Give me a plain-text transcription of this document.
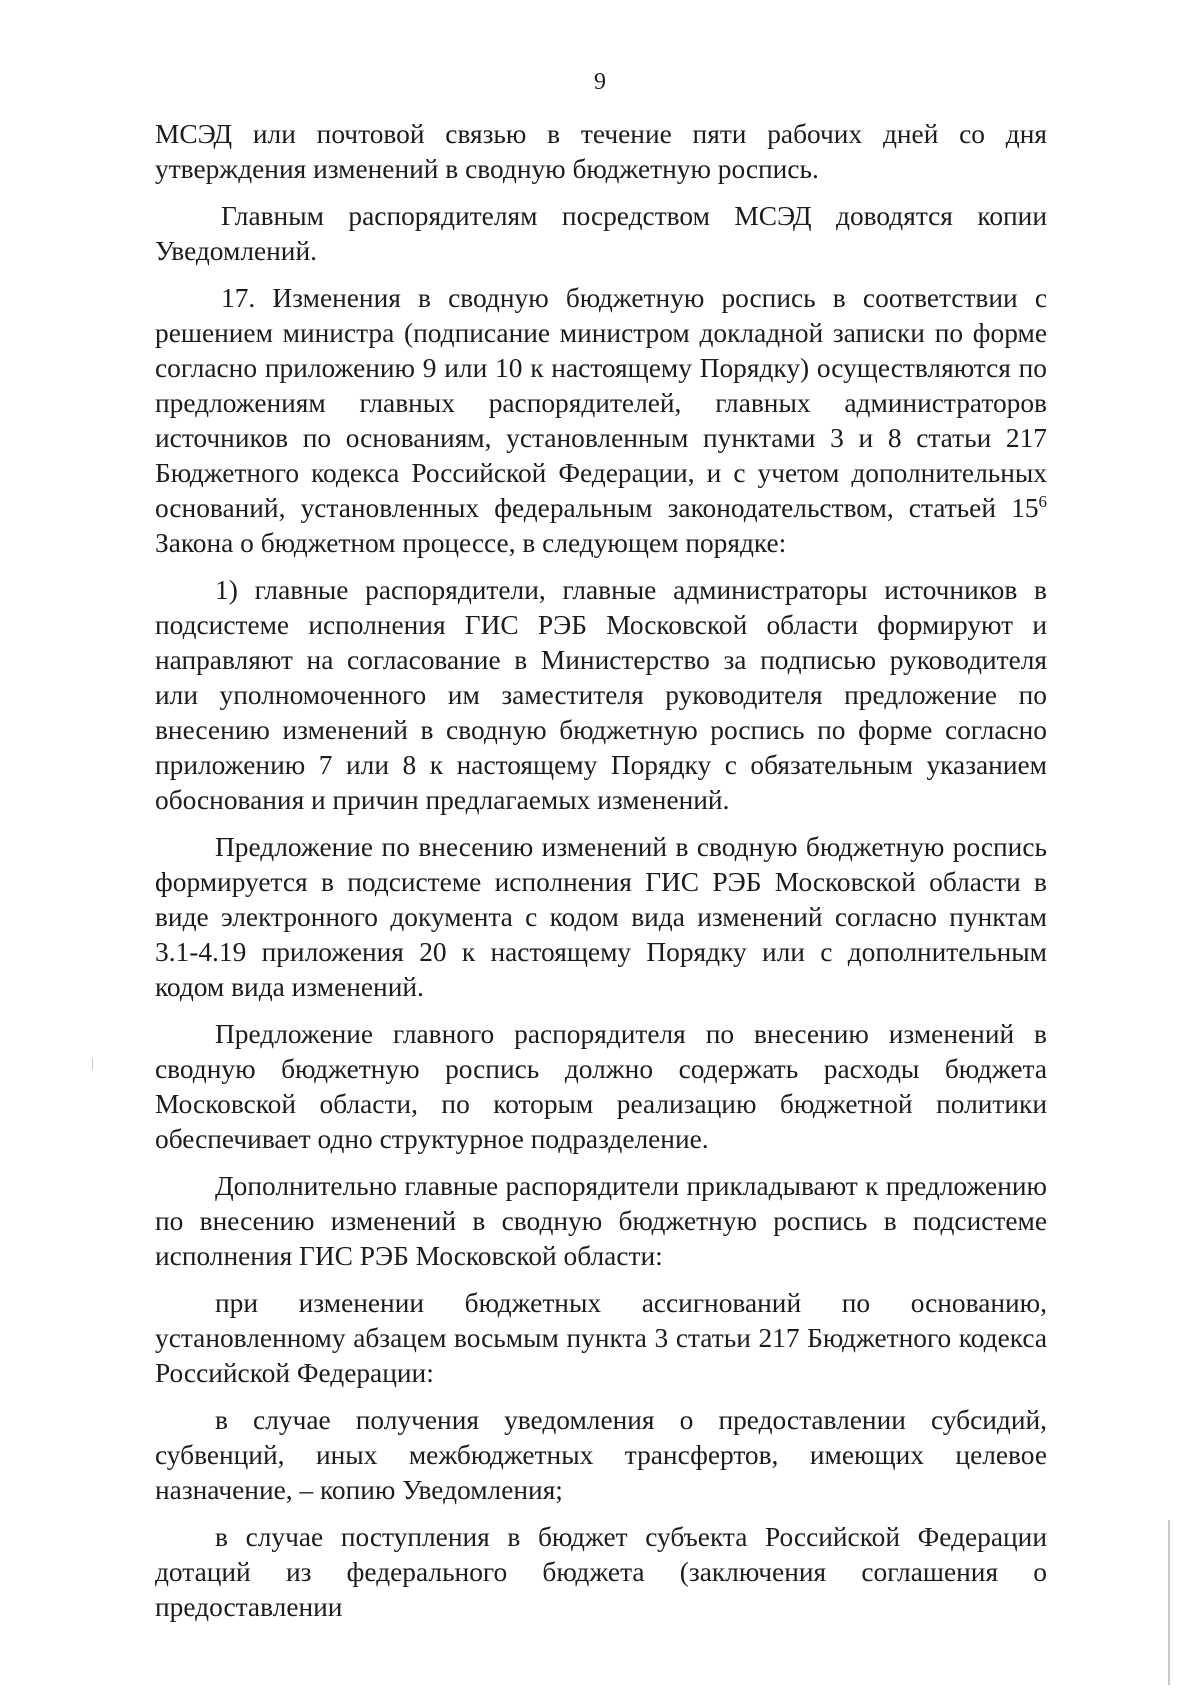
9

МСЭД или почтовой связью в течение пяти рабочих дней со дня утверждения изменений в сводную бюджетную роспись.

Главным распорядителям посредством МСЭД доводятся копии Уведомлений.

17. Изменения в сводную бюджетную роспись в соответствии с решением министра (подписание министром докладной записки по форме согласно приложению 9 или 10 к настоящему Порядку) осуществляются по предложениям главных распорядителей, главных администраторов источников по основаниям, установленным пунктами 3 и 8 статьи 217 Бюджетного кодекса Российской Федерации, и с учетом дополнительных оснований, установленных федеральным законодательством, статьей $15^6$ Закона о бюджетном процессе, в следующем порядке:

1) главные распорядители, главные администраторы источников в подсистеме исполнения ГИС РЭБ Московской области формируют и направляют на согласование в Министерство за подписью руководителя или уполномоченного им заместителя руководителя предложение по внесению изменений в сводную бюджетную роспись по форме согласно приложению 7 или 8 к настоящему Порядку с обязательным указанием обоснования и причин предлагаемых изменений.

Предложение по внесению изменений в сводную бюджетную роспись формируется в подсистеме исполнения ГИС РЭБ Московской области в виде электронного документа с кодом вида изменений согласно пунктам 3.1-4.19 приложения 20 к настоящему Порядку или с дополнительным кодом вида изменений.

Предложение главного распорядителя по внесению изменений в сводную бюджетную роспись должно содержать расходы бюджета Московской области, по которым реализацию бюджетной политики обеспечивает одно структурное подразделение.

Дополнительно главные распорядители прикладывают к предложению по внесению изменений в сводную бюджетную роспись в подсистеме исполнения ГИС РЭБ Московской области:

при изменении бюджетных ассигнований по основанию, установленному абзацем восьмым пункта 3 статьи 217 Бюджетного кодекса Российской Федерации:

в случае получения уведомления о предоставлении субсидий, субвенций, иных межбюджетных трансфертов, имеющих целевое назначение, – копию Уведомления;

в случае поступления в бюджет субъекта Российской Федерации дотаций из федерального бюджета (заключения соглашения о предоставлении
